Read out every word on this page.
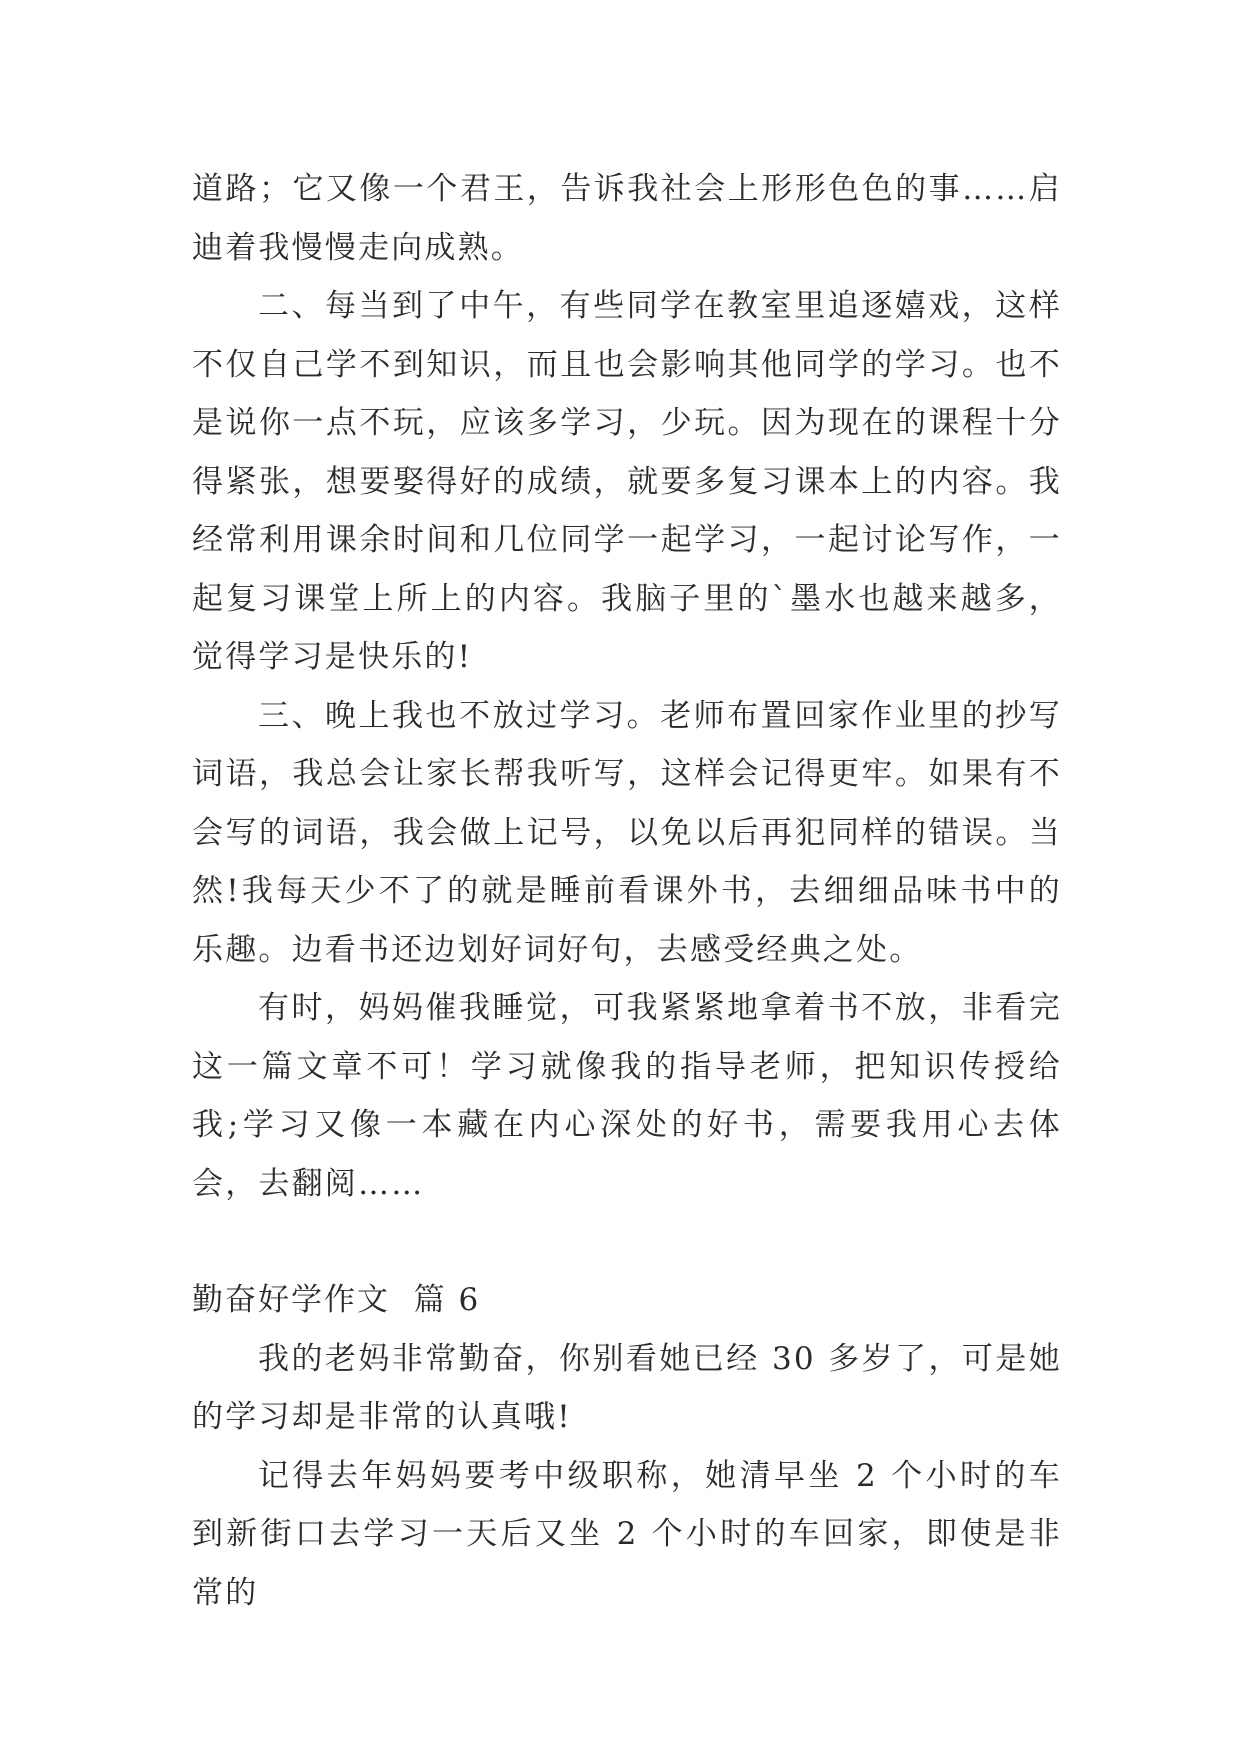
道路；它又像一个君王，告诉我社会上形形色色的事……启迪着我慢慢走向成熟。

二、每当到了中午，有些同学在教室里追逐嬉戏，这样不仅自己学不到知识，而且也会影响其他同学的学习。也不是说你一点不玩，应该多学习，少玩。因为现在的课程十分得紧张，想要娶得好的成绩，就要多复习课本上的内容。我经常利用课余时间和几位同学一起学习，一起讨论写作，一起复习课堂上所上的内容。我脑子里的`墨水也越来越多，觉得学习是快乐的!

三、晚上我也不放过学习。老师布置回家作业里的抄写词语，我总会让家长帮我听写，这样会记得更牢。如果有不会写的词语，我会做上记号，以免以后再犯同样的错误。当然!我每天少不了的就是睡前看课外书，去细细品味书中的乐趣。边看书还边划好词好句，去感受经典之处。

有时，妈妈催我睡觉，可我紧紧地拿着书不放，非看完这一篇文章不可！学习就像我的指导老师，把知识传授给我;学习又像一本藏在内心深处的好书，需要我用心去体会，去翻阅……

勤奋好学作文  篇 6

我的老妈非常勤奋，你别看她已经 30 多岁了，可是她的学习却是非常的认真哦!

记得去年妈妈要考中级职称，她清早坐 2 个小时的车到新街口去学习一天后又坐 2 个小时的车回家，即使是非常的
